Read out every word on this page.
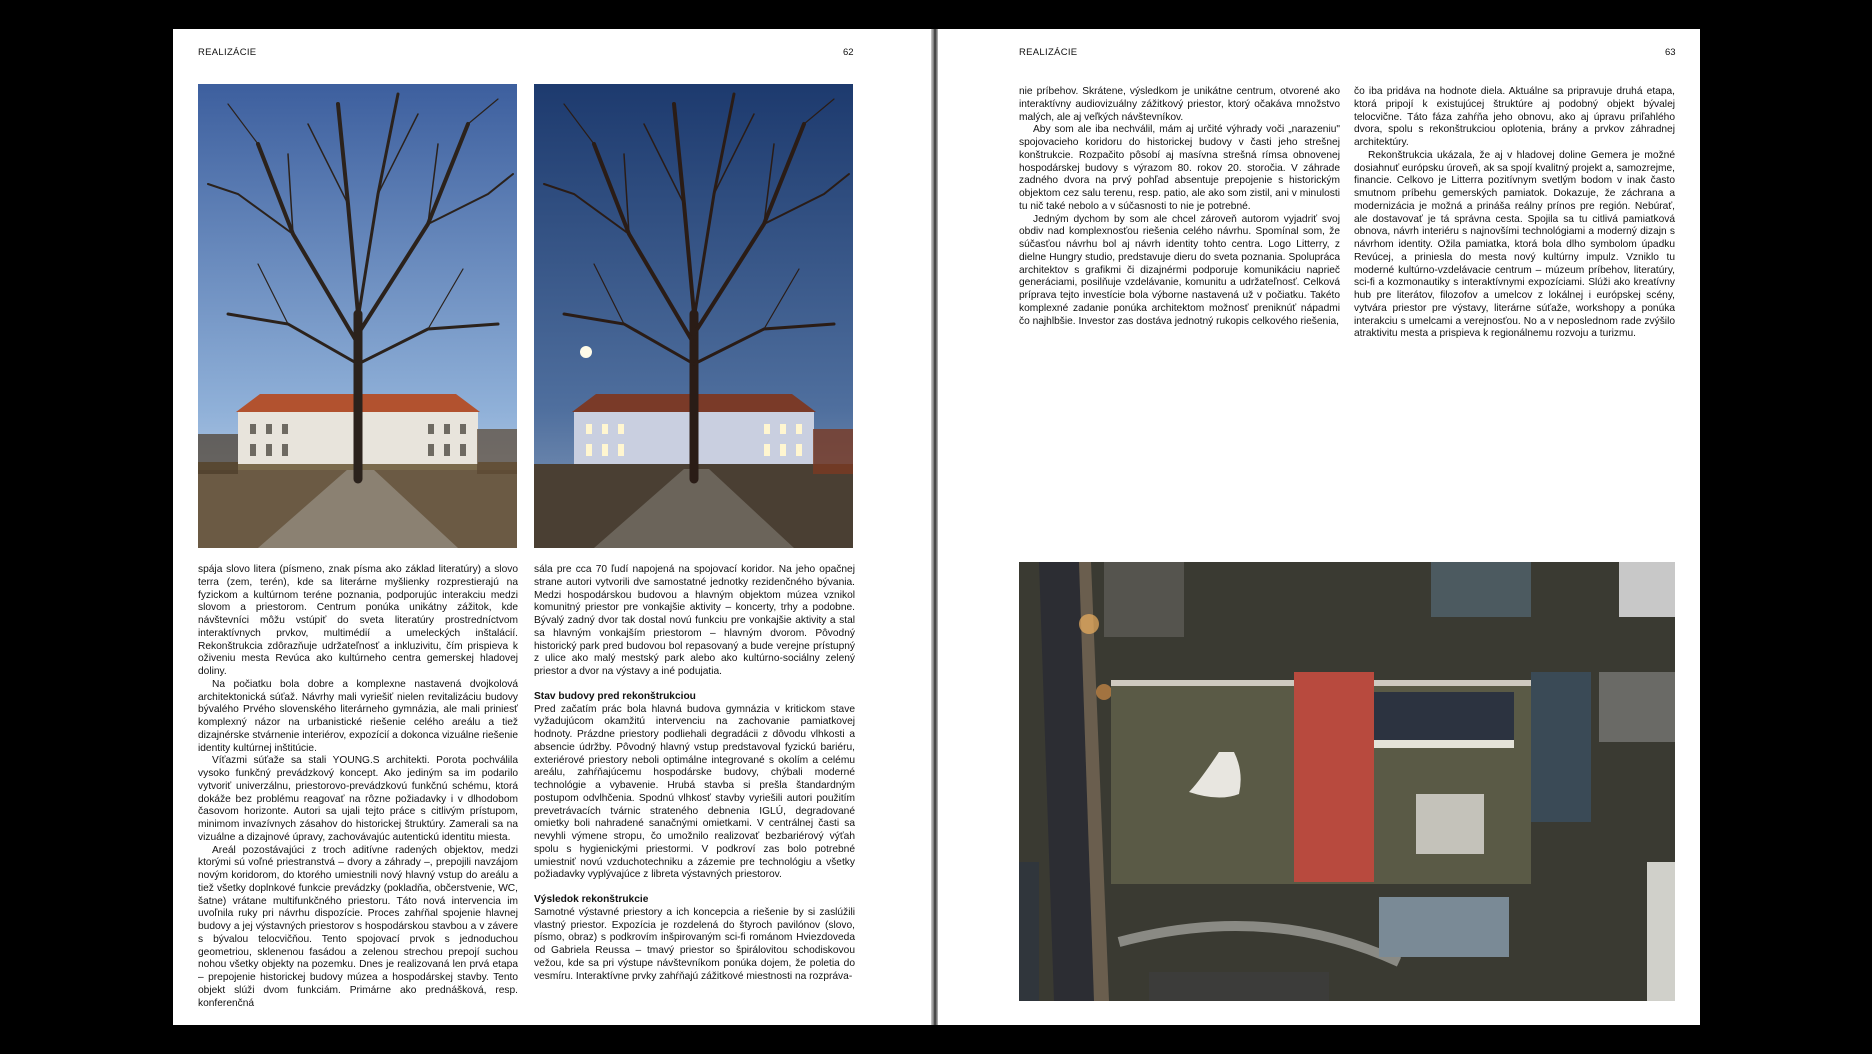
REALIZÁCIE	62

spája slovo litera (písmeno, znak písma ako základ literatúry) a slovo terra (zem, terén), kde sa literárne myšlienky rozprestierajú na fyzickom a kultúrnom teréne poznania, podporujúc interakciu medzi slovom a priestorom. Centrum ponúka unikátny zážitok, kde návštevníci môžu vstúpiť do sveta literatúry prostredníctvom interaktívnych prvkov, multimédií a umeleckých inštalácií. Rekonštrukcia zdôrazňuje udržateľnosť a inkluzivitu, čím prispieva k oživeniu mesta Revúca ako kultúrneho centra gemerskej hladovej doliny.

Na počiatku bola dobre a komplexne nastavená dvojkolová architektonická súťaž. Návrhy mali vyriešiť nielen revitalizáciu budovy bývalého Prvého slovenského literárneho gymnázia, ale mali priniesť komplexný názor na urbanistické riešenie celého areálu a tiež dizajnérske stvárnenie interiérov, expozícií a dokonca vizuálne riešenie identity kultúrnej inštitúcie.

Víťazmi súťaže sa stali YOUNG.S architekti. Porota pochválila vysoko funkčný prevádzkový koncept. Ako jediným sa im podarilo vytvoriť univerzálnu, priestorovo-prevádzkovú funkčnú schému, ktorá dokáže bez problému reagovať na rôzne požiadavky i v dlhodobom časovom horizonte. Autori sa ujali tejto práce s citlivým prístupom, minimom invazívnych zásahov do historickej štruktúry. Zamerali sa na vizuálne a dizajnové úpravy, zachovávajúc autentickú identitu miesta.

Areál pozostávajúci z troch aditívne radených objektov, medzi ktorými sú voľné priestranstvá – dvory a záhrady –, prepojili navzájom novým koridorom, do ktorého umiestnili nový hlavný vstup do areálu a tiež všetky doplnkové funkcie prevádzky (pokladňa, občerstvenie, WC, šatne) vrátane multifunkčného priestoru. Táto nová intervencia im uvoľnila ruky pri návrhu dispozície. Proces zahŕňal spojenie hlavnej budovy a jej výstavných priestorov s hospodárskou stavbou a v závere s bývalou telocvičňou. Tento spojovací prvok s jednoduchou geometriou, sklenenou fasádou a zelenou strechou prepojí suchou nohou všetky objekty na pozemku. Dnes je realizovaná len prvá etapa – prepojenie historickej budovy múzea a hospodárskej stavby. Tento objekt slúži dvom funkciám. Primárne ako prednášková, resp. konferenčná

sála pre cca 70 ľudí napojená na spojovací koridor. Na jeho opačnej strane autori vytvorili dve samostatné jednotky rezidenčného bývania. Medzi hospodárskou budovou a hlavným objektom múzea vznikol komunitný priestor pre vonkajšie aktivity – koncerty, trhy a podobne. Bývalý zadný dvor tak dostal novú funkciu pre vonkajšie aktivity a stal sa hlavným vonkajším priestorom – hlavným dvorom. Pôvodný historický park pred budovou bol repasovaný a bude verejne prístupný z ulice ako malý mestský park alebo ako kultúrno-sociálny zelený priestor a dvor na výstavy a iné podujatia.

Stav budovy pred rekonštrukciou

Pred začatím prác bola hlavná budova gymnázia v kritickom stave vyžadujúcom okamžitú intervenciu na zachovanie pamiatkovej hodnoty. Prázdne priestory podliehali degradácii z dôvodu vlhkosti a absencie údržby. Pôvodný hlavný vstup predstavoval fyzickú bariéru, exteriérové priestory neboli optimálne integrované s okolím a celému areálu, zahŕňajúcemu hospodárske budovy, chýbali moderné technológie a vybavenie. Hrubá stavba si prešla štandardným postupom odvlhčenia. Spodnú vlhkosť stavby vyriešili autori použitím prevetrávacích tvárnic strateného debnenia IGLÚ, degradované omietky boli nahradené sanačnými omietkami. V centrálnej časti sa nevyhli výmene stropu, čo umožnilo realizovať bezbariérový výťah spolu s hygienickými priestormi. V podkroví zas bolo potrebné umiestniť novú vzduchotechniku a zázemie pre technológiu a všetky požiadavky vyplývajúce z libreta výstavných priestorov.

Výsledok rekonštrukcie

Samotné výstavné priestory a ich koncepcia a riešenie by si zaslúžili vlastný priestor. Expozícia je rozdelená do štyroch pavilónov (slovo, písmo, obraz) s podkrovím inšpirovaným sci-fi románom Hviezdoveda od Gabriela Reussa – tmavý priestor so špirálovitou schodiskovou vežou, kde sa pri výstupe návštevníkom ponúka dojem, že poletia do vesmíru. Interaktívne prvky zahŕňajú zážitkové miestnosti na rozpráva-

REALIZÁCIE	63

nie príbehov. Skrátene, výsledkom je unikátne centrum, otvorené ako interaktívny audiovizuálny zážitkový priestor, ktorý očakáva množstvo malých, ale aj veľkých návštevníkov.

Aby som ale iba nechválil, mám aj určité výhrady voči „narazeniu" spojovacieho koridoru do historickej budovy v časti jeho strešnej konštrukcie. Rozpačito pôsobí aj masívna strešná rímsa obnovenej hospodárskej budovy s výrazom 80. rokov 20. storočia. V záhrade zadného dvora na prvý pohľad absentuje prepojenie s historickým objektom cez salu terenu, resp. patio, ale ako som zistil, ani v minulosti tu nič také nebolo a v súčasnosti to nie je potrebné.

Jedným dychom by som ale chcel zároveň autorom vyjadriť svoj obdiv nad komplexnosťou riešenia celého návrhu. Spomínal som, že súčasťou návrhu bol aj návrh identity tohto centra. Logo Litterry, z dielne Hungry studio, predstavuje dieru do sveta poznania. Spolupráca architektov s grafikmi či dizajnérmi podporuje komunikáciu naprieč generáciami, posilňuje vzdelávanie, komunitu a udržateľnosť. Celková príprava tejto investície bola výborne nastavená už v počiatku. Takéto komplexné zadanie ponúka architektom možnosť preniknúť nápadmi čo najhlbšie. Investor zas dostáva jednotný rukopis celkového riešenia,

čo iba pridáva na hodnote diela. Aktuálne sa pripravuje druhá etapa, ktorá pripojí k existujúcej štruktúre aj podobný objekt bývalej telocvične. Táto fáza zahŕňa jeho obnovu, ako aj úpravu priľahlého dvora, spolu s rekonštrukciou oplotenia, brány a prvkov záhradnej architektúry.

Rekonštrukcia ukázala, že aj v hladovej doline Gemera je možné dosiahnuť európsku úroveň, ak sa spojí kvalitný projekt a, samozrejme, financie. Celkovo je Litterra pozitívnym svetlým bodom v inak často smutnom príbehu gemerských pamiatok. Dokazuje, že záchrana a modernizácia je možná a prináša reálny prínos pre región. Nebúrať, ale dostavovať je tá správna cesta. Spojila sa tu citlivá pamiatková obnova, návrh interiéru s najnovšími technológiami a moderný dizajn s návrhom identity. Ožila pamiatka, ktorá bola dlho symbolom úpadku Revúcej, a priniesla do mesta nový kultúrny impulz. Vzniklo tu moderné kultúrno-vzdelávacie centrum – múzeum príbehov, literatúry, sci-fi a kozmonautiky s interaktívnymi expozíciami. Slúži ako kreatívny hub pre literátov, filozofov a umelcov z lokálnej i európskej scény, vytvára priestor pre výstavy, literárne súťaže, workshopy a ponúka interakciu s umelcami a verejnosťou. No a v neposlednom rade zvýšilo atraktivitu mesta a prispieva k regionálnemu rozvoju a turizmu.
